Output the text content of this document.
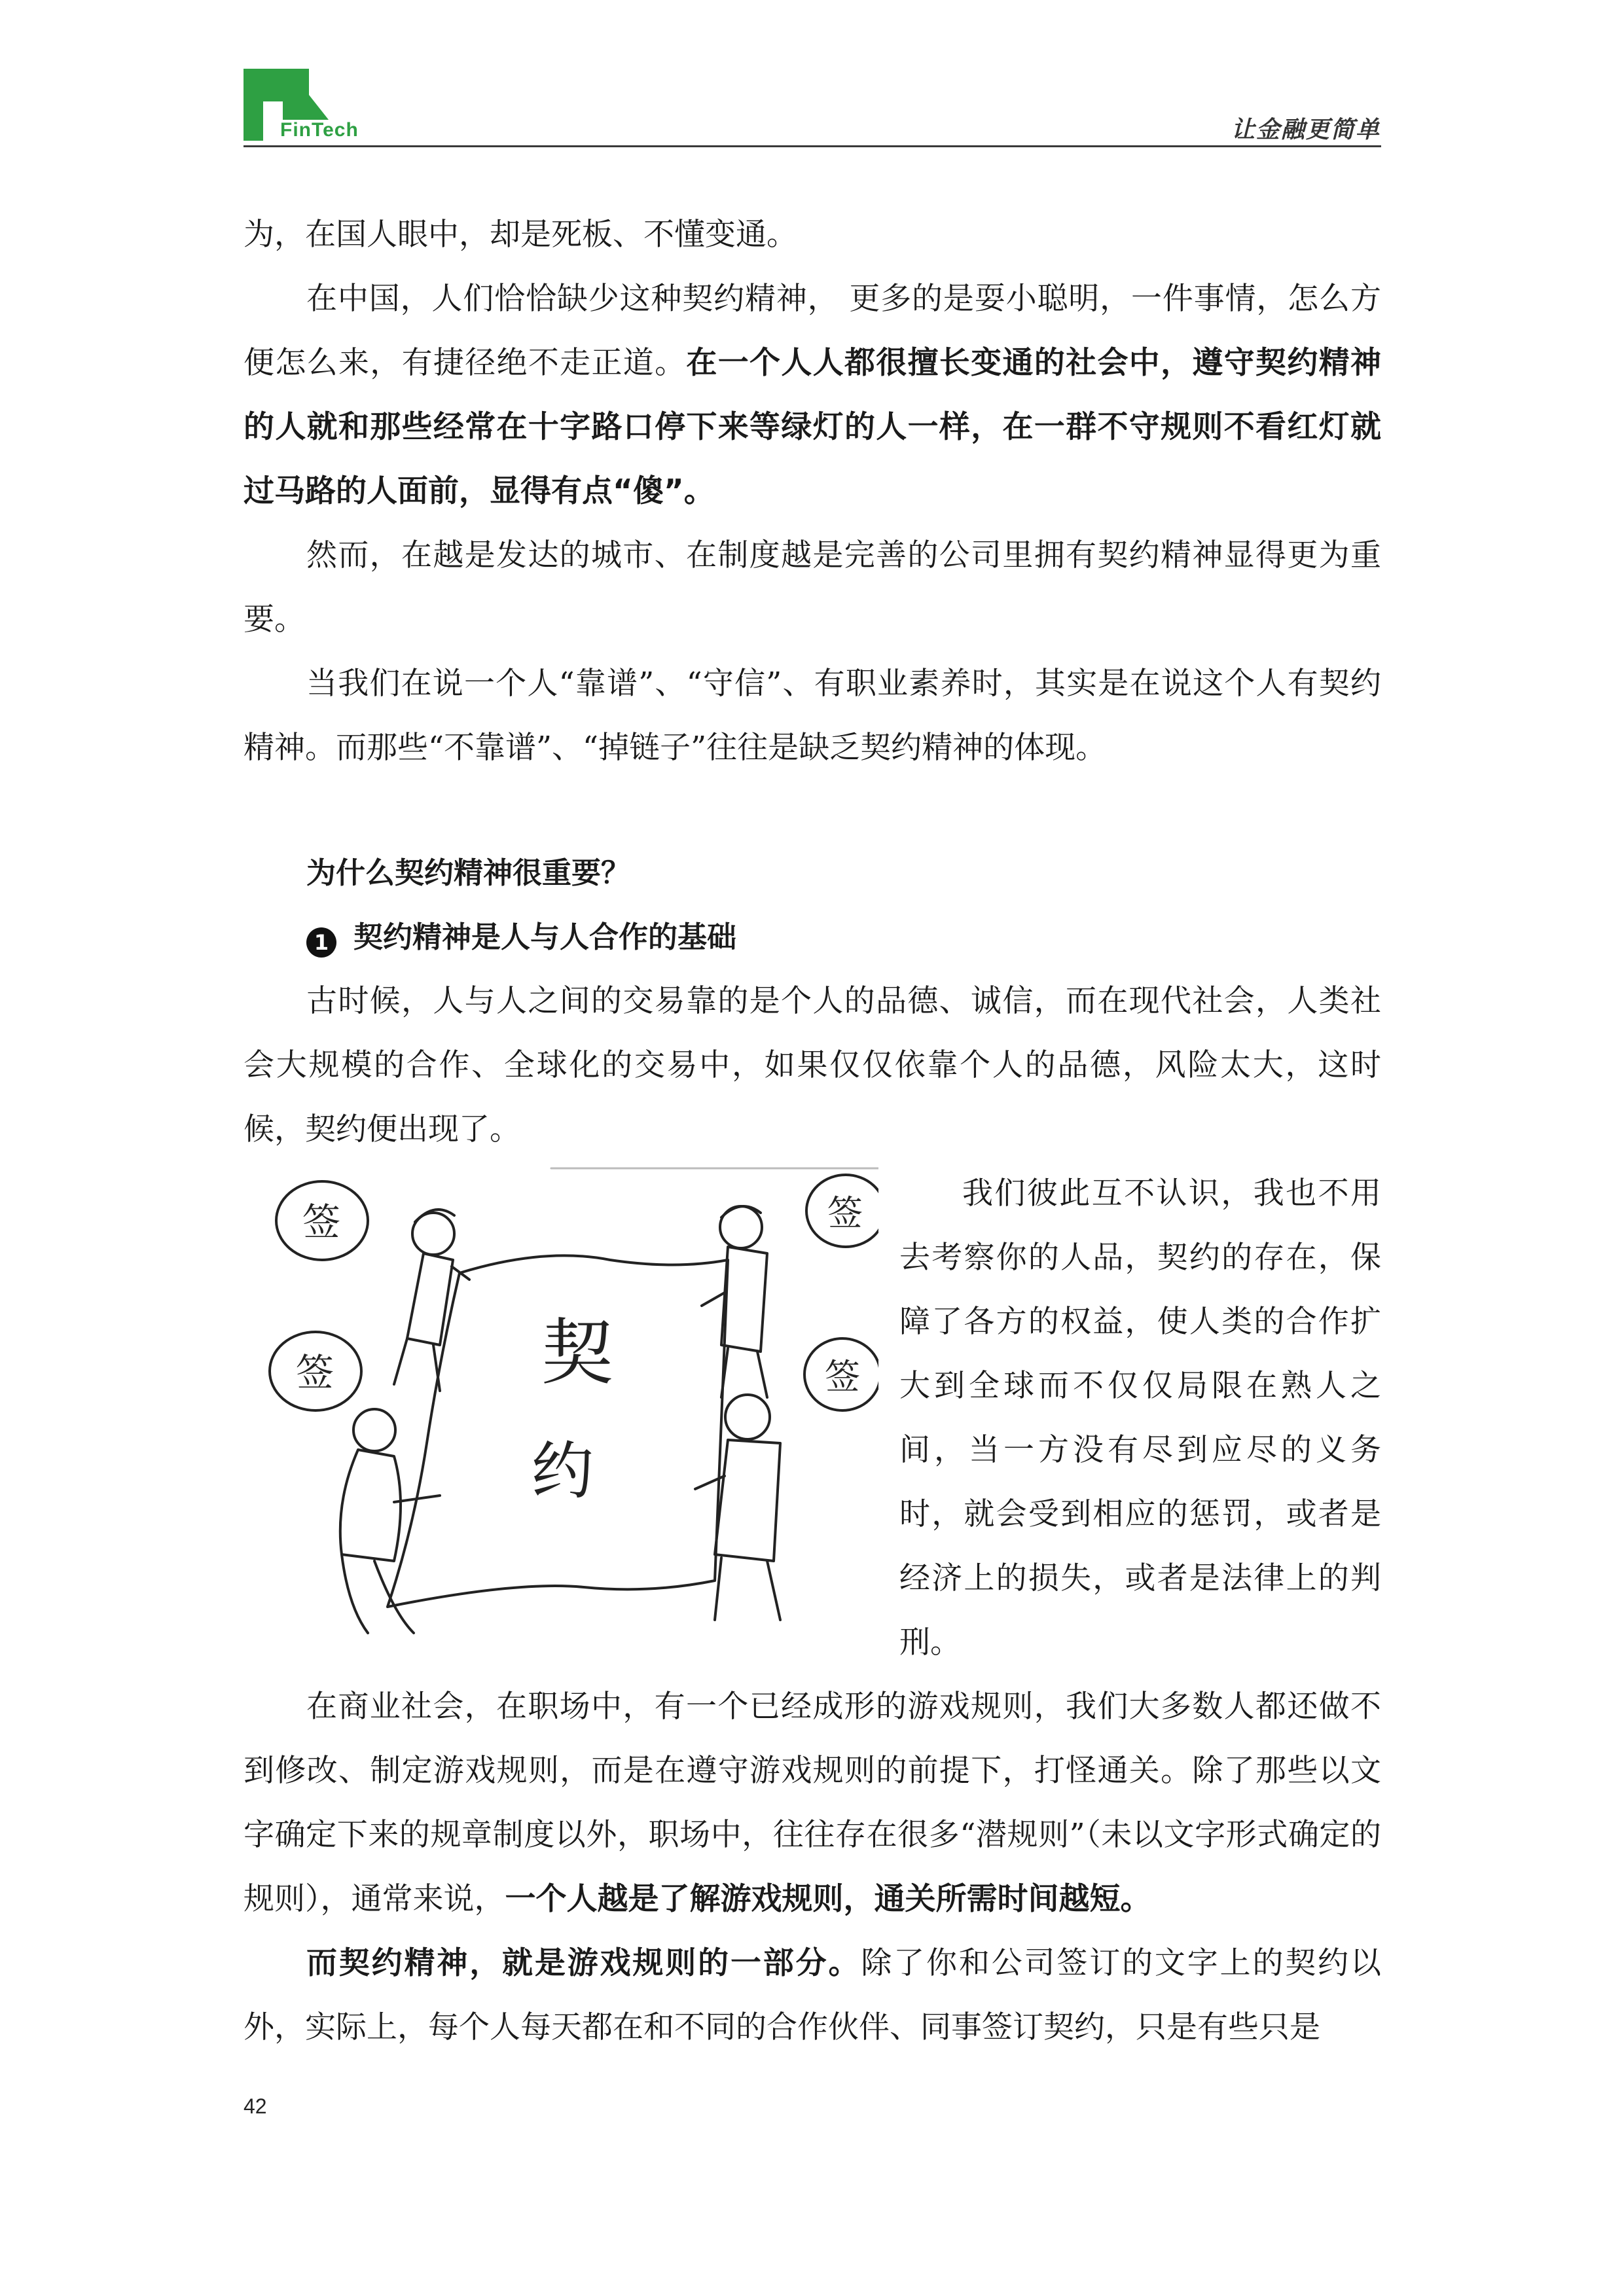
FinTech	让金融更简单

为，在国人眼中，却是死板、不懂变通。

在中国，人们恰恰缺少这种契约精神， 更多的是耍小聪明，一件事情，怎么方便怎么来，有捷径绝不走正道。在一个人人都很擅长变通的社会中，遵守契约精神的人就和那些经常在十字路口停下来等绿灯的人一样，在一群不守规则不看红灯就过马路的人面前，显得有点“傻”。

然而，在越是发达的城市、在制度越是完善的公司里拥有契约精神显得更为重要。

当我们在说一个人“靠谱”、“守信”、有职业素养时，其实是在说这个人有契约精神。而那些“不靠谱”、“掉链子”往往是缺乏契约精神的体现。

为什么契约精神很重要？

1 契约精神是人与人合作的基础

古时候，人与人之间的交易靠的是个人的品德、诚信，而在现代社会，人类社会大规模的合作、全球化的交易中，如果仅仅依靠个人的品德，风险太大，这时候，契约便出现了。

契
约
签
签
签
签

我们彼此互不认识，我也不用去考察你的人品，契约的存在，保障了各方的权益，使人类的合作扩大到全球而不仅仅局限在熟人之间，当一方没有尽到应尽的义务时，就会受到相应的惩罚，或者是经济上的损失，或者是法律上的判刑。

在商业社会，在职场中，有一个已经成形的游戏规则，我们大多数人都还做不到修改、制定游戏规则，而是在遵守游戏规则的前提下，打怪通关。除了那些以文字确定下来的规章制度以外，职场中，往往存在很多“潜规则”（未以文字形式确定的规则），通常来说，一个人越是了解游戏规则，通关所需时间越短。

而契约精神，就是游戏规则的一部分。除了你和公司签订的文字上的契约以外，实际上，每个人每天都在和不同的合作伙伴、同事签订契约，只是有些只是

42
